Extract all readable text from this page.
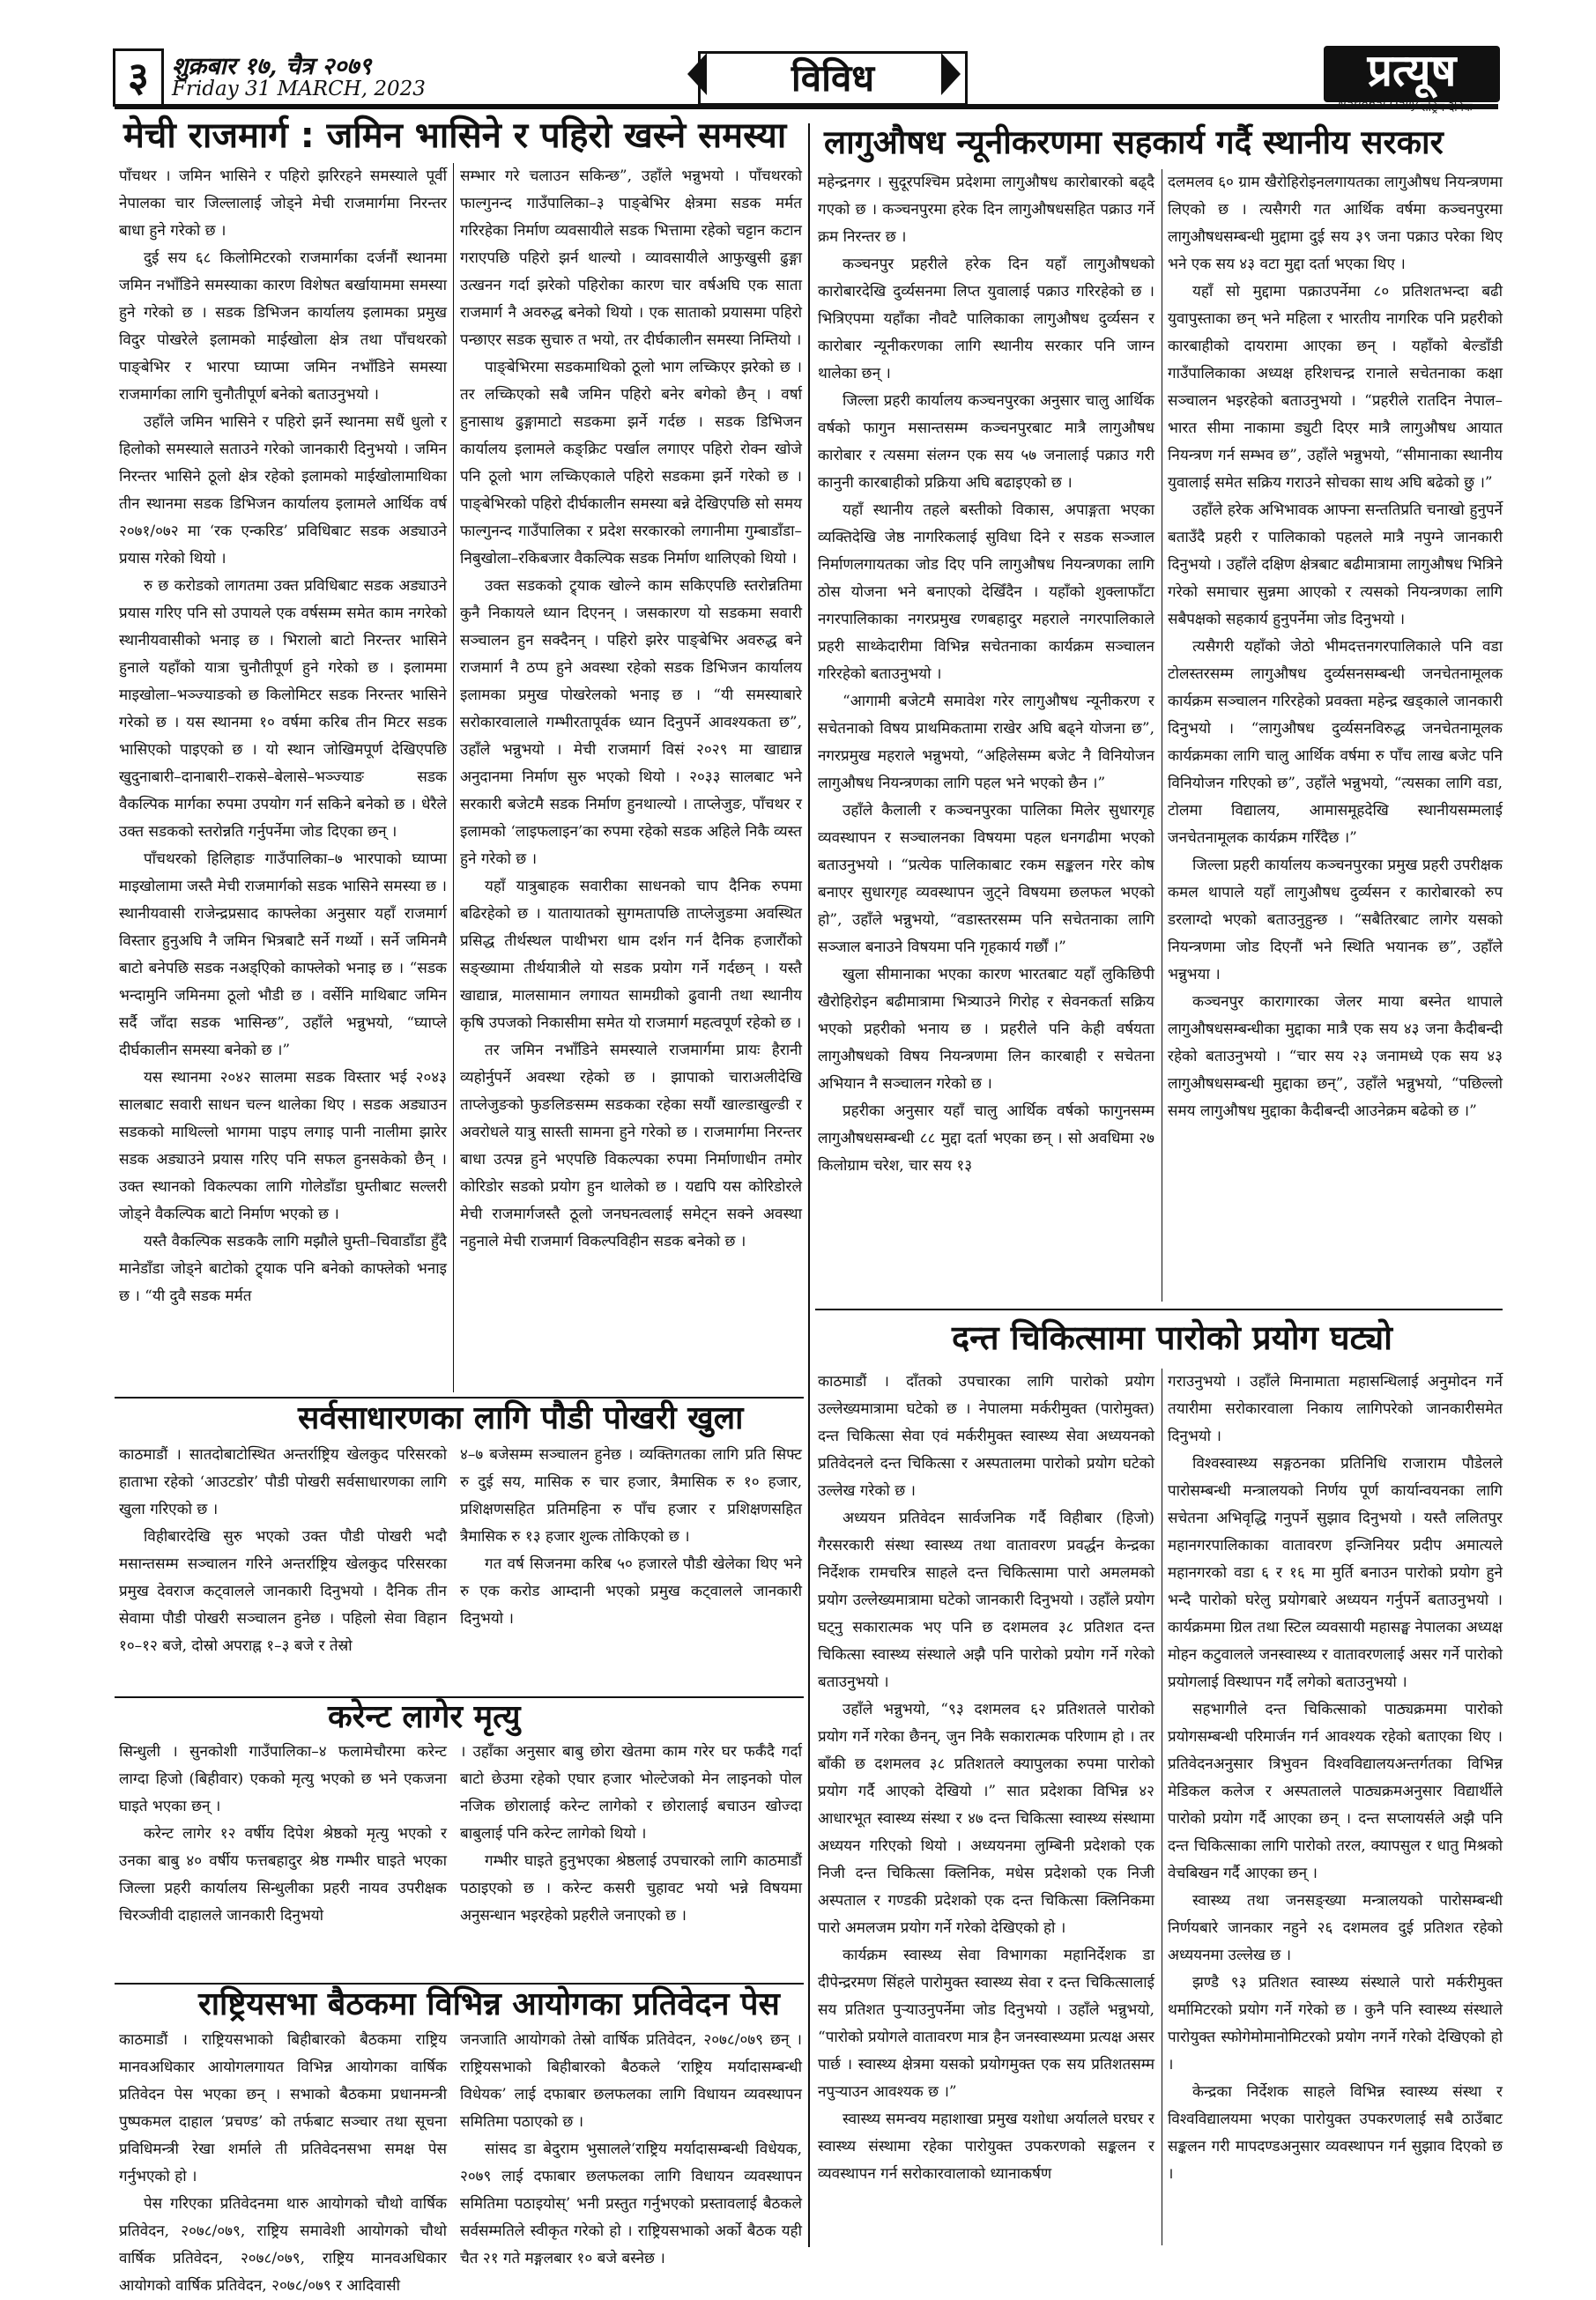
३ शुक्रबार १७, चैत्र २०७९
Friday 31 MARCH, 2023	विविध	प्रत्यूष
मेची राजमार्ग : जमिन भासिने र पहिरो खस्ने समस्या

पाँचथर । जमिन भासिने र पहिरो झरिरहने समस्याले पूर्वी नेपालका चार जिल्लालाई जोड्ने मेची राजमार्गमा निरन्तर बाधा हुने गरेको छ ।

दुई सय ६८ किलोमिटरको राजमार्गका दर्जनौं स्थानमा जमिन नभाँडिने समस्याका कारण विशेषत बर्खायाममा समस्या हुने गरेको छ । सडक डिभिजन कार्यालय इलामका प्रमुख विदुर पोखरेले इलामको माईखोला क्षेत्र तथा पाँचथरको पाङ्बेभिर र भारपा घ्याप्मा जमिन नभाँडिने समस्या राजमार्गका लागि चुनौतीपूर्ण बनेको बताउनुभयो ।

उहाँले जमिन भासिने र पहिरो झर्ने स्थानमा सधैं धुलो र हिलोको समस्याले सताउने गरेको जानकारी दिनुभयो । जमिन निरन्तर भासिने ठूलो क्षेत्र रहेको इलामको माईखोलामाथिका तीन स्थानमा सडक डिभिजन कार्यालय इलामले आर्थिक वर्ष २०७१/०७२ मा ‘रक एन्करिड’ प्रविधिबाट सडक अड्याउने प्रयास गरेको थियो ।

रु छ करोडको लागतमा उक्त प्रविधिबाट सडक अड्याउने प्रयास गरिए पनि सो उपायले एक वर्षसम्म समेत काम नगरेको स्थानीयवासीको भनाइ छ । भिरालो बाटो निरन्तर भासिने हुनाले यहाँको यात्रा चुनौतीपूर्ण हुने गरेको छ । इलाममा माइखोला–भञ्ज्याङको छ किलोमिटर सडक निरन्तर भासिने गरेको छ । यस स्थानमा १० वर्षमा करिब तीन मिटर सडक भासिएको पाइएको छ । यो स्थान जोखिमपूर्ण देखिएपछि खुदुनाबारी–दानाबारी–राकसे–बेलासे–भञ्ज्याङ सडक वैकल्पिक मार्गका रुपमा उपयोग गर्न सकिने बनेको छ । धेरैले उक्त सडकको स्तरोन्नति गर्नुपर्नेमा जोड दिएका छन् ।

पाँचथरको हिलिहाङ गाउँपालिका–७ भारपाको घ्याप्मा माइखोलामा जस्तै मेची राजमार्गको सडक भासिने समस्या छ । स्थानीयवासी राजेन्द्रप्रसाद काफ्लेका अनुसार यहाँ राजमार्ग विस्तार हुनुअघि नै जमिन भित्रबाटै सर्ने गर्थ्यो । सर्ने जमिनमै बाटो बनेपछि सडक नअड्एिको काफ्लेको भनाइ छ । “सडक भन्दामुनि जमिनमा ठूलो भौडी छ । वर्सेनि माथिबाट जमिन सर्दै जाँदा सडक भासिन्छ”, उहाँले भन्नुभयो, “घ्याप्ले दीर्घकालीन समस्या बनेको छ ।”

यस स्थानमा २०४२ सालमा सडक विस्तार भई २०४३ सालबाट सवारी साधन चल्न थालेका थिए । सडक अड्याउन सडकको माथिल्लो भागमा पाइप लगाइ पानी नालीमा झारेर सडक अड्याउने प्रयास गरिए पनि सफल हुनसकेको छैन् । उक्त स्थानको विकल्पका लागि गोलेडाँडा घुम्तीबाट सल्लरी जोड्ने वैकल्पिक बाटो निर्माण भएको छ ।

यस्तै वैकल्पिक सडककै लागि मझौले घुम्ती–चिवाडाँडा हुँदै मानेडाँडा जोड्ने बाटोको ट्र्याक पनि बनेको काफ्लेको भनाइ छ । “यी दुवै सडक मर्मत

सम्भार गरे चलाउन सकिन्छ”, उहाँले भन्नुभयो । पाँचथरको फाल्गुनन्द गाउँपालिका–३ पाङ्बेभिर क्षेत्रमा सडक मर्मत गरिरहेका निर्माण व्यवसायीले सडक भित्तामा रहेको चट्टान कटान गराएपछि पहिरो झर्न थाल्यो । व्यावसायीले आफुखुसी ढुङ्गा उत्खनन गर्दा झरेको पहिरोका कारण चार वर्षअघि एक साता राजमार्ग नै अवरुद्ध बनेको थियो । एक साताको प्रयासमा पहिरो पन्छाएर सडक सुचारु त भयो, तर दीर्घकालीन समस्या निम्तियो ।

पाङ्बेभिरमा सडकमाथिको ठूलो भाग लच्किएर झरेको छ । तर लच्किएको सबै जमिन पहिरो बनेर बगेको छैन् । वर्षा हुनासाथ ढुङ्गामाटो सडकमा झर्ने गर्दछ । सडक डिभिजन कार्यालय इलामले कङ्क्रिट पर्खाल लगाएर पहिरो रोक्न खोजे पनि ठूलो भाग लच्किएकाले पहिरो सडकमा झर्ने गरेको छ । पाङ्बेभिरको पहिरो दीर्घकालीन समस्या बन्ने देखिएपछि सो समय फाल्गुनन्द गाउँपालिका र प्रदेश सरकारको लगानीमा गुम्बाडाँडा–निबुखोला–रकिबजार वैकल्पिक सडक निर्माण थालिएको थियो ।

उक्त सडकको ट्र्याक खोल्ने काम सकिएपछि स्तरोन्नतिमा कुनै निकायले ध्यान दिएनन् । जसकारण यो सडकमा सवारी सञ्चालन हुन सक्दैनन् । पहिरो झरेर पाङ्बेभिर अवरुद्ध बने राजमार्ग नै ठप्प हुने अवस्था रहेको सडक डिभिजन कार्यालय इलामका प्रमुख पोखरेलको भनाइ छ । “यी समस्याबारे सरोकारवालाले गम्भीरतापूर्वक ध्यान दिनुपर्ने आवश्यकता छ”, उहाँले भन्नुभयो । मेची राजमार्ग विसं २०२९ मा खाद्यान्न अनुदानमा निर्माण सुरु भएको थियो । २०३३ सालबाट भने सरकारी बजेटमै सडक निर्माण हुनथाल्यो । ताप्लेजुङ, पाँचथर र इलामको ‘लाइफलाइन’का रुपमा रहेको सडक अहिले निकै व्यस्त हुने गरेको छ ।

यहाँ यात्रुबाहक सवारीका साधनको चाप दैनिक रुपमा बढिरहेको छ । यातायातको सुगमतापछि ताप्लेजुङमा अवस्थित प्रसिद्ध तीर्थस्थल पाथीभरा धाम दर्शन गर्न दैनिक हजारौंको सङ्ख्यामा तीर्थयात्रीले यो सडक प्रयोग गर्ने गर्दछन् । यस्तै खाद्यान्न, मालसामान लगायत सामग्रीको ढुवानी तथा स्थानीय कृषि उपजको निकासीमा समेत यो राजमार्ग महत्वपूर्ण रहेको छ ।

तर जमिन नभाँडिने समस्याले राजमार्गमा प्रायः हैरानी व्यहोर्नुपर्ने अवस्था रहेको छ । झापाको चाराअलीदेखि ताप्लेजुङको फुङलिङसम्म सडकका रहेका सयौं खाल्डाखुल्डी र अवरोधले यात्रु सास्ती सामना हुने गरेको छ । राजमार्गमा निरन्तर बाधा उत्पन्न हुने भएपछि विकल्पका रुपमा निर्माणाधीन तमोर कोरिडोर सडको प्रयोग हुन थालेको छ । यद्यपि यस कोरिडोरले मेची राजमार्गजस्तै ठूलो जनघनत्वलाई समेट्न सक्ने अवस्था नहुनाले मेची राजमार्ग विकल्पविहीन सडक बनेको छ ।

सर्वसाधारणका लागि पौडी पोखरी खुला

काठमाडौं । सातदोबाटोस्थित अन्तर्राष्ट्रिय खेलकुद परिसरको हाताभा रहेको ‘आउटडोर’ पौडी पोखरी सर्वसाधारणका लागि खुला गरिएको छ ।

विहीबारदेखि सुरु भएको उक्त पौडी पोखरी भदौ मसान्तसम्म सञ्चालन गरिने अन्तर्राष्ट्रिय खेलकुद परिसरका प्रमुख देवराज कट्वालले जानकारी दिनुभयो । दैनिक तीन सेवामा पौडी पोखरी सञ्चालन हुनेछ । पहिलो सेवा विहान १०–१२ बजे, दोस्रो अपराह्न १–३ बजे र तेस्रो

४–७ बजेसम्म सञ्चालन हुनेछ । व्यक्तिगतका लागि प्रति सिफ्ट रु दुई सय, मासिक रु चार हजार, त्रैमासिक रु १० हजार, प्रशिक्षणसहित प्रतिमहिना रु पाँच हजार र प्रशिक्षणसहित त्रैमासिक रु १३ हजार शुल्क तोकिएको छ ।

गत वर्ष सिजनमा करिब ५० हजारले पौडी खेलेका थिए भने रु एक करोड आम्दानी भएको प्रमुख कट्वालले जानकारी दिनुभयो ।

करेन्ट लागेर मृत्यु

सिन्धुली । सुनकोशी गाउँपालिका–४ फलामेचौरमा करेन्ट लाग्दा हिजो (बिहीवार) एकको मृत्यु भएको छ भने एकजना घाइते भएका छन् ।

करेन्ट लागेर १२ वर्षीय दिपेश श्रेष्ठको मृत्यु भएको र उनका बाबु ४० वर्षीय फत्तबहादुर श्रेष्ठ गम्भीर घाइते भएका जिल्ला प्रहरी कार्यालय सिन्धुलीका प्रहरी नायव उपरीक्षक चिरञ्जीवी दाहालले जानकारी दिनुभयो

। उहाँका अनुसार बाबु छोरा खेतमा काम गरेर घर फर्कँदै गर्दा बाटो छेउमा रहेको एघार हजार भोल्टेजको मेन लाइनको पोल नजिक छोरालाई करेन्ट लागेको र छोरालाई बचाउन खोज्दा बाबुलाई पनि करेन्ट लागेको थियो ।

गम्भीर घाइते हुनुभएका श्रेष्ठलाई उपचारको लागि काठमाडौं पठाइएको छ । करेन्ट कसरी चुहावट भयो भन्ने विषयमा अनुसन्धान भइरहेको प्रहरीले जनाएको छ ।

राष्ट्रियसभा बैठकमा विभिन्न आयोगका प्रतिवेदन पेस

काठमाडौं । राष्ट्रियसभाको बिहीबारको बैठकमा राष्ट्रिय मानवअधिकार आयोगलगायत विभिन्न आयोगका वार्षिक प्रतिवेदन पेस भएका छन् । सभाको बैठकमा प्रधानमन्त्री पुष्पकमल दाहाल ‘प्रचण्ड’ को तर्फबाट सञ्चार तथा सूचना प्रविधिमन्त्री रेखा शर्माले ती प्रतिवेदनसभा समक्ष पेस गर्नुभएको हो ।

पेस गरिएका प्रतिवेदनमा थारु आयोगको चौथो वार्षिक प्रतिवेदन, २०७८/०७९, राष्ट्रिय समावेशी आयोगको चौथो वार्षिक प्रतिवेदन, २०७८/०७९, राष्ट्रिय मानवअधिकार आयोगको वार्षिक प्रतिवेदन, २०७८/०७९ र आदिवासी

जनजाति आयोगको तेस्रो वार्षिक प्रतिवेदन, २०७८/०७९ छन् । राष्ट्रियसभाको बिहीबारको बैठकले ‘राष्ट्रिय मर्यादासम्बन्धी विधेयक’ लाई दफाबार छलफलका लागि विधायन व्यवस्थापन समितिमा पठाएको छ ।

सांसद डा बेदुराम भुसालले‘राष्ट्रिय मर्यादासम्बन्धी विधेयक, २०७९ लाई दफाबार छलफलका लागि विधायन व्यवस्थापन समितिमा पठाइयोस्’ भनी प्रस्तुत गर्नुभएको प्रस्तावलाई बैठकले सर्वसम्मतिले स्वीकृत गरेको हो । राष्ट्रियसभाको अर्को बैठक यही चैत २१ गते मङ्गलबार १० बजे बस्नेछ ।

लागुऔषध न्यूनीकरणमा सहकार्य गर्दै स्थानीय सरकार

महेन्द्रनगर । सुदूरपश्चिम प्रदेशमा लागुऔषध कारोबारको बढ्दै गएको छ । कञ्चनपुरमा हरेक दिन लागुऔषधसहित पक्राउ गर्ने क्रम निरन्तर छ ।

कञ्चनपुर प्रहरीले हरेक दिन यहाँ लागुऔषधको कारोबारदेखि दुर्व्यसनमा लिप्त युवालाई पक्राउ गरिरहेको छ । भित्रिएपमा यहाँका नौवटै पालिकाका लागुऔषध दुर्व्यसन र कारोबार न्यूनीकरणका लागि स्थानीय सरकार पनि जाग्न थालेका छन् ।

जिल्ला प्रहरी कार्यालय कञ्चनपुरका अनुसार चालु आर्थिक वर्षको फागुन मसान्तसम्म कञ्चनपुरबाट मात्रै लागुऔषध कारोबार र त्यसमा संलग्न एक सय ५७ जनालाई पक्राउ गरी कानुनी कारबाहीको प्रक्रिया अघि बढाइएको छ ।

यहाँ स्थानीय तहले बस्तीको विकास, अपाङ्गता भएका व्यक्तिदेखि जेष्ठ नागरिकलाई सुविधा दिने र सडक सञ्जाल निर्माणलगायतका जोड दिए पनि लागुऔषध नियन्त्रणका लागि ठोस योजना भने बनाएको देखिँदैन । यहाँको शुक्लाफाँटा नगरपालिकाका नगरप्रमुख रणबहादुर महराले नगरपालिकाले प्रहरी साथ्केदारीमा विभिन्न सचेतनाका कार्यक्रम सञ्चालन गरिरहेको बताउनुभयो ।

“आगामी बजेटमै समावेश गरेर लागुऔषध न्यूनीकरण र सचेतनाको विषय प्राथमिकतामा राखेर अघि बढ्ने योजना छ”, नगरप्रमुख महराले भन्नुभयो, “अहिलेसम्म बजेट नै विनियोजन लागुऔषध नियन्त्रणका लागि पहल भने भएको छैन ।”

उहाँले कैलाली र कञ्चनपुरका पालिका मिलेर सुधारगृह व्यवस्थापन र सञ्चालनका विषयमा पहल धनगढीमा भएको बताउनुभयो । “प्रत्येक पालिकाबाट रकम सङ्कलन गरेर कोष बनाएर सुधारगृह व्यवस्थापन जुट्ने विषयमा छलफल भएको हो”, उहाँले भन्नुभयो, “वडास्तरसम्म पनि सचेतनाका लागि सञ्जाल बनाउने विषयमा पनि गृहकार्य गर्छौं ।”

खुला सीमानाका भएका कारण भारतबाट यहाँ लुकिछिपी खैरोहिरोइन बढीमात्रामा भित्र्याउने गिरोह र सेवनकर्ता सक्रिय भएको प्रहरीको भनाय छ । प्रहरीले पनि केही वर्षयता लागुऔषधको विषय नियन्त्रणमा लिन कारबाही र सचेतना अभियान नै सञ्चालन गरेको छ ।

प्रहरीका अनुसार यहाँ चालु आर्थिक वर्षको फागुनसम्म लागुऔषधसम्बन्धी ८८ मुद्दा दर्ता भएका छन् । सो अवधिमा २७ किलोग्राम चरेश, चार सय १३

दलमलव ६० ग्राम खैरोहिरोइनलगायतका लागुऔषध नियन्त्रणमा लिएको छ । त्यसैगरी गत आर्थिक वर्षमा कञ्चनपुरमा लागुऔषधसम्बन्धी मुद्दामा दुई सय ३९ जना पक्राउ परेका थिए भने एक सय ४३ वटा मुद्दा दर्ता भएका थिए ।

यहाँ सो मुद्दामा पक्राउपर्नेमा ८० प्रतिशतभन्दा बढी युवापुस्ताका छन् भने महिला र भारतीय नागरिक पनि प्रहरीको कारबाहीको दायरामा आएका छन् । यहाँको बेल्डाँडी गाउँपालिकाका अध्यक्ष हरिशचन्द्र रानाले सचेतनाका कक्षा सञ्चालन भइरहेको बताउनुभयो । “प्रहरीले रातदिन नेपाल–भारत सीमा नाकामा ड्युटी दिएर मात्रै लागुऔषध आयात नियन्त्रण गर्न सम्भव छ”, उहाँले भन्नुभयो, “सीमानाका स्थानीय युवालाई समेत सक्रिय गराउने सोचका साथ अघि बढेको छु ।”

उहाँले हरेक अभिभावक आफ्ना सन्ततिप्रति चनाखो हुनुपर्ने बताउँदै प्रहरी र पालिकाको पहलले मात्रै नपुग्ने जानकारी दिनुभयो । उहाँले दक्षिण क्षेत्रबाट बढीमात्रामा लागुऔषध भित्रिने गरेको समाचार सुन्नमा आएको र त्यसको नियन्त्रणका लागि सबैपक्षको सहकार्य हुनुपर्नेमा जोड दिनुभयो ।

त्यसैगरी यहाँको जेठो भीमदत्तनगरपालिकाले पनि वडा टोलस्तरसम्म लागुऔषध दुर्व्यसनसम्बन्धी जनचेतनामूलक कार्यक्रम सञ्चालन गरिरहेको प्रवक्ता महेन्द्र खड्काले जानकारी दिनुभयो । “लागुऔषध दुर्व्यसनविरुद्ध जनचेतनामूलक कार्यक्रमका लागि चालु आर्थिक वर्षमा रु पाँच लाख बजेट पनि विनियोजन गरिएको छ”, उहाँले भन्नुभयो, “त्यसका लागि वडा, टोलमा विद्यालय, आमासमूहदेखि स्थानीयसम्मलाई जनचेतनामूलक कार्यक्रम गरिँदैछ ।”

जिल्ला प्रहरी कार्यालय कञ्चनपुरका प्रमुख प्रहरी उपरीक्षक कमल थापाले यहाँ लागुऔषध दुर्व्यसन र कारोबारको रुप डरलाग्दो भएको बताउनुहुन्छ । “सबैतिरबाट लागेर यसको नियन्त्रणमा जोड दिएनौं भने स्थिति भयानक छ”, उहाँले भन्नुभया ।

कञ्चनपुर कारागारका जेलर माया बस्नेत थापाले लागुऔषधसम्बन्धीका मुद्दाका मात्रै एक सय ४३ जना कैदीबन्दी रहेको बताउनुभयो । “चार सय २३ जनामध्ये एक सय ४३ लागुऔषधसम्बन्धी मुद्दाका छन्”, उहाँले भन्नुभयो, “पछिल्लो समय लागुऔषध मुद्दाका कैदीबन्दी आउनेक्रम बढेको छ ।”

दन्त चिकित्सामा पारोको प्रयोग घट्यो

काठमाडौं । दाँतको उपचारका लागि पारोको प्रयोग उल्लेख्यमात्रामा घटेको छ । नेपालमा मर्करीमुक्त (पारोमुक्त) दन्त चिकित्सा सेवा एवं मर्करीमुक्त स्वास्थ्य सेवा अध्ययनको प्रतिवेदनले दन्त चिकित्सा र अस्पतालमा पारोको प्रयोग घटेको उल्लेख गरेको छ ।

अध्ययन प्रतिवेदन सार्वजनिक गर्दै विहीबार (हिजो) गैरसरकारी संस्था स्वास्थ्य तथा वातावरण प्रवर्द्धन केन्द्रका निर्देशक रामचरित्र साहले दन्त चिकित्सामा पारो अमलमको प्रयोग उल्लेख्यमात्रामा घटेको जानकारी दिनुभयो । उहाँले प्रयोग घट्नु सकारात्मक भए पनि छ दशमलव ३८ प्रतिशत दन्त चिकित्सा स्वास्थ्य संस्थाले अझै पनि पारोको प्रयोग गर्ने गरेको बताउनुभयो ।

उहाँले भन्नुभयो, “९३ दशमलव ६२ प्रतिशतले पारोको प्रयोग गर्ने गरेका छैनन्, जुन निकै सकारात्मक परिणाम हो । तर बाँकी छ दशमलव ३८ प्रतिशतले क्यापुलका रुपमा पारोको प्रयोग गर्दै आएको देखियो ।” सात प्रदेशका विभिन्न ४२ आधारभूत स्वास्थ्य संस्था र ४७ दन्त चिकित्सा स्वास्थ्य संस्थामा अध्ययन गरिएको थियो । अध्ययनमा लुम्बिनी प्रदेशको एक निजी दन्त चिकित्सा क्लिनिक, मधेस प्रदेशको एक निजी अस्पताल र गण्डकी प्रदेशको एक दन्त चिकित्सा क्लिनिकमा पारो अमलजम प्रयोग गर्ने गरेको देखिएको हो ।

कार्यक्रम स्वास्थ्य सेवा विभागका महानिर्देशक डा दीपेन्द्ररमण सिंहले पारोमुक्त स्वास्थ्य सेवा र दन्त चिकित्सालाई सय प्रतिशत पुऱ्याउनुपर्नेमा जोड दिनुभयो । उहाँले भन्नुभयो, “पारोको प्रयोगले वातावरण मात्र हैन जनस्वास्थ्यमा प्रत्यक्ष असर पार्छ । स्वास्थ्य क्षेत्रमा यसको प्रयोगमुक्त एक सय प्रतिशतसम्म नपुऱ्याउन आवश्यक छ ।”

स्वास्थ्य समन्वय महाशाखा प्रमुख यशोधा अर्यालले घरघर र स्वास्थ्य संस्थामा रहेका पारोयुक्त उपकरणको सङ्कलन र व्यवस्थापन गर्न सरोकारवालाको ध्यानाकर्षण

गराउनुभयो । उहाँले मिनामाता महासन्धिलाई अनुमोदन गर्ने तयारीमा सरोकारवाला निकाय लागिपरेको जानकारीसमेत दिनुभयो ।

विश्वस्वास्थ्य सङ्गठनका प्रतिनिधि राजाराम पौडेलले पारोसम्बन्धी मन्त्रालयको निर्णय पूर्ण कार्यान्वयनका लागि सचेतना अभिवृद्धि गनुपर्ने सुझाव दिनुभयो । यस्तै ललितपुर महानगरपालिकाका वातावरण इन्जिनियर प्रदीप अमात्यले महानगरको वडा ६ र १६ मा मुर्ति बनाउन पारोको प्रयोग हुने भन्दै पारोको घरेलु प्रयोगबारे अध्ययन गर्नुपर्ने बताउनुभयो । कार्यक्रममा ग्रिल तथा स्टिल व्यवसायी महासङ्घ नेपालका अध्यक्ष मोहन कटुवालले जनस्वास्थ्य र वातावरणलाई असर गर्ने पारोको प्रयोगलाई विस्थापन गर्दै लगेको बताउनुभयो ।

सहभागीले दन्त चिकित्साको पाठ्यक्रममा पारोको प्रयोगसम्बन्धी परिमार्जन गर्न आवश्यक रहेको बताएका थिए । प्रतिवेदनअनुसार त्रिभुवन विश्वविद्यालयअन्तर्गतका विभिन्न मेडिकल कलेज र अस्पतालले पाठ्यक्रमअनुसार विद्यार्थीले पारोको प्रयोग गर्दै आएका छन् । दन्त सप्लायर्सले अझै पनि दन्त चिकित्साका लागि पारोको तरल, क्यापसुल र धातु मिश्रको वेचबिखन गर्दै आएका छन् ।

स्वास्थ्य तथा जनसङ्ख्या मन्त्रालयको पारोसम्बन्धी निर्णयबारे जानकार नहुने २६ दशमलव दुई प्रतिशत रहेको अध्ययनमा उल्लेख छ ।

झण्डै ९३ प्रतिशत स्वास्थ्य संस्थाले पारो मर्करीमुक्त थर्मामिटरको प्रयोग गर्ने गरेको छ । कुनै पनि स्वास्थ्य संस्थाले पारोयुक्त स्फोगेमोमानोमिटरको प्रयोग नगर्ने गरेको देखिएको हो ।

केन्द्रका निर्देशक साहले विभिन्न स्वास्थ्य संस्था र विश्वविद्यालयमा भएका पारोयुक्त उपकरणलाई सबै ठाउँबाट सङ्कलन गरी मापदण्डअनुसार व्यवस्थापन गर्न सुझाव दिएको छ ।
